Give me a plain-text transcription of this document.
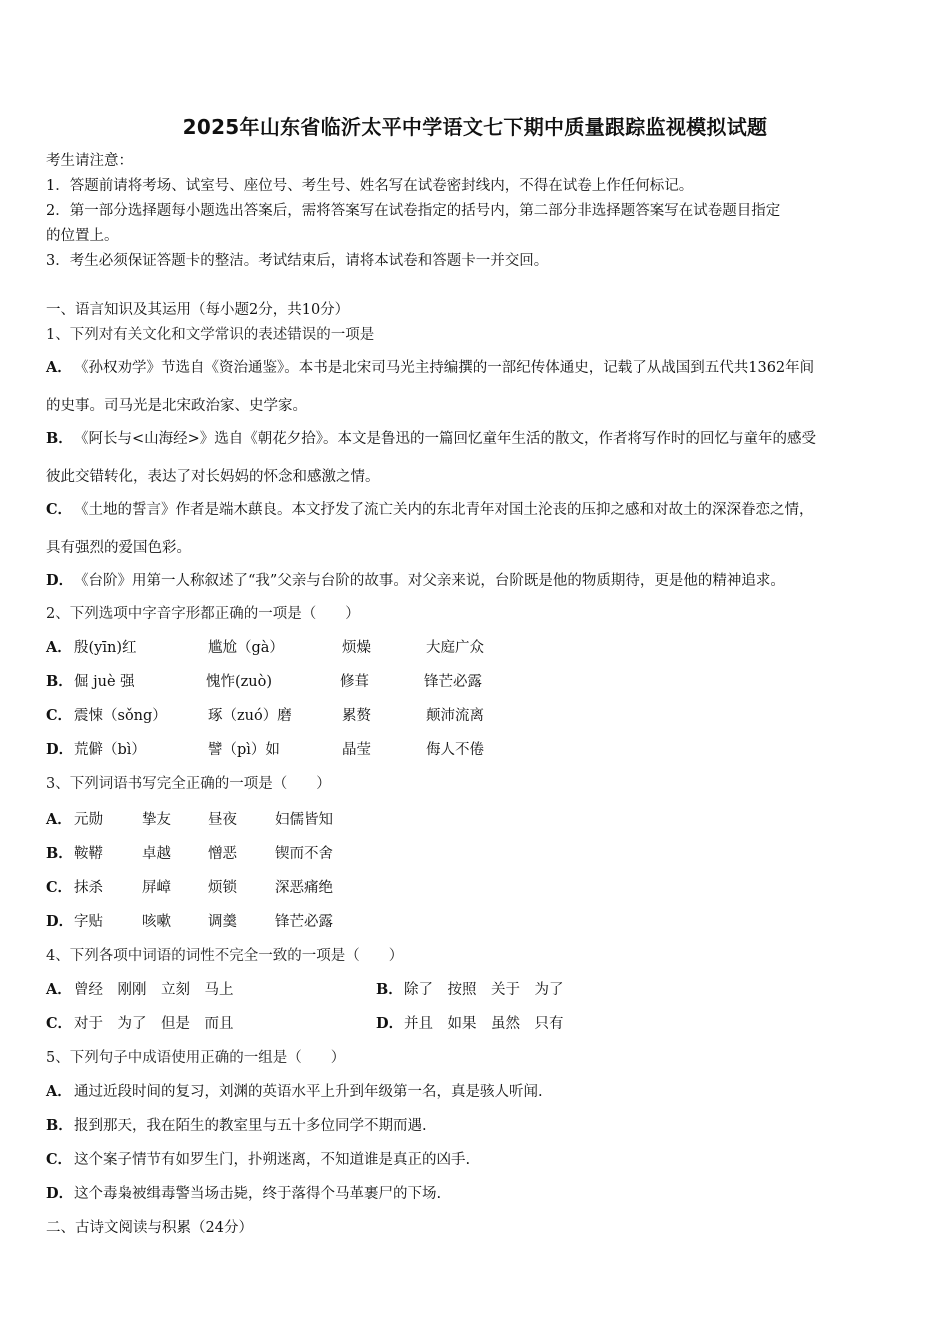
2025年山东省临沂太平中学语文七下期中质量跟踪监视模拟试题
考生请注意：
1．答题前请将考场、试室号、座位号、考生号、姓名写在试卷密封线内，不得在试卷上作任何标记。
2．第一部分选择题每小题选出答案后，需将答案写在试卷指定的括号内，第二部分非选择题答案写在试卷题目指定
的位置上。
3．考生必须保证答题卡的整洁。考试结束后，请将本试卷和答题卡一并交回。
一、语言知识及其运用（每小题2分，共10分）
1、下列对有关文化和文学常识的表述错误的一项是
A． 《孙权劝学》节选自《资治通鉴》。本书是北宋司马光主持编撰的一部纪传体通史，记载了从战国到五代共1362年间
的史事。司马光是北宋政治家、史学家。
B．《阿长与<山海经>》选自《朝花夕拾》。本文是鲁迅的一篇回忆童年生活的散文，作者将写作时的回忆与童年的感受
彼此交错转化，表达了对长妈妈的怀念和感激之情。
C． 《土地的誓言》作者是端木蕻良。本文抒发了流亡关内的东北青年对国土沦丧的压抑之感和对故土的深深眷恋之情，
具有强烈的爱国色彩。
D．《台阶》用第一人称叙述了“我”父亲与台阶的故事。对父亲来说，台阶既是他的物质期待，更是他的精神追求。
2、下列选项中字音字形都正确的一项是（　　）
A． 殷(yīn)红	尴尬（gà）	烦燥	大庭广众
B． 倔 juè 强	愧怍(zuò)	修葺	锋芒必露
C． 震悚（sǒng）	琢（zuó）磨	累赘	颠沛流离
D． 荒僻（bì）	譬（pì）如	晶莹	侮人不倦
3、下列词语书写完全正确的一项是（　　）
A． 元勋	挚友	昼夜	妇儒皆知
B． 鞍鞯	卓越	憎恶	锲而不舍
C． 抹杀	屏嶂	烦锁	深恶痛绝
D． 字贴	咳嗽	调羹	锋芒必露
4、下列各项中词语的词性不完全一致的一项是（　　）
A． 曾经　刚刚　立刻　马上	B．除了　按照　关于　为了
C． 对于　为了　但是　而且	D．并且　如果　虽然　只有
5、下列句子中成语使用正确的一组是（　　）
A． 通过近段时间的复习，刘渊的英语水平上升到年级第一名，真是骇人听闻.
B．报到那天，我在陌生的教室里与五十多位同学不期而遇.
C． 这个案子情节有如罗生门，扑朔迷离，不知道谁是真正的凶手.
D．这个毒枭被缉毒警当场击毙，终于落得个马革裹尸的下场.
二、古诗文阅读与积累（24分）
